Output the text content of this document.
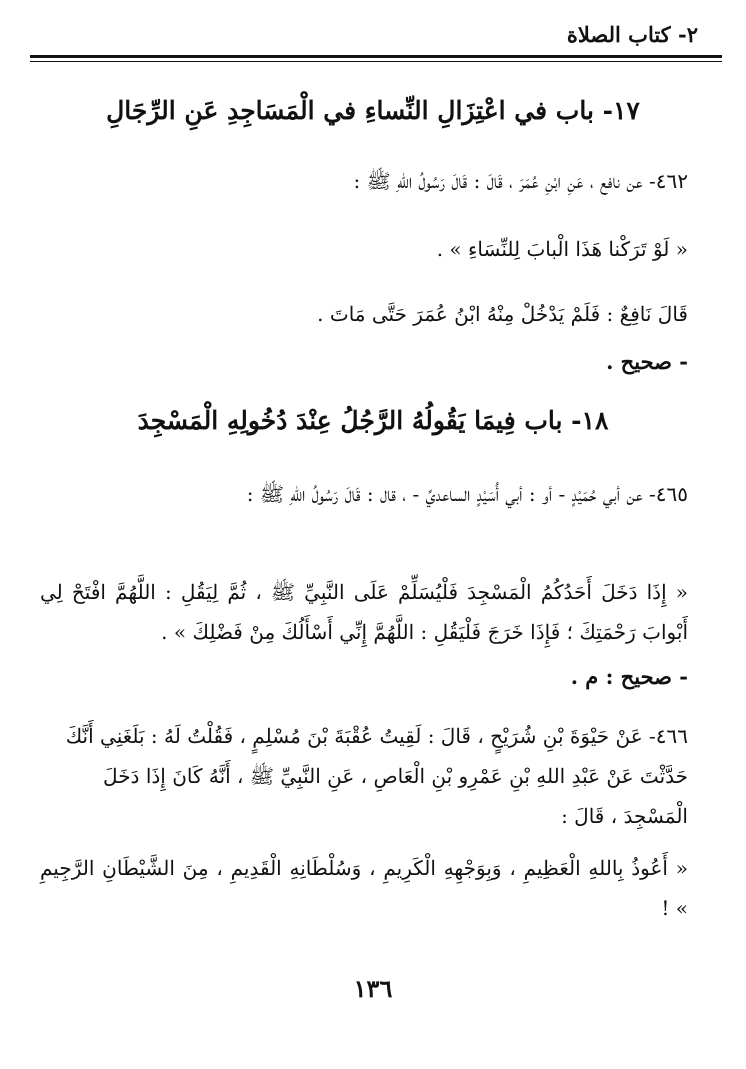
٢- كتاب الصلاة
١٧- باب في اعْتِزَالِ النِّساءِ في الْمَسَاجِدِ عَنِ الرِّجَالِ
٤٦٢- عن نافع ، عَنِ ابْنِ عُمَرَ ، قَالَ : قَالَ رَسُولُ اللهِ ﷺ :
« لَوْ تَرَكْنا هَذَا الْبابَ لِلنِّسَاءِ » .
قَالَ نَافِعٌ : فَلَمْ يَدْخُلْ مِنْهُ ابْنُ عُمَرَ حَتَّى مَاتَ .
- صحيح .
١٨- باب فِيمَا يَقُولُهُ الرَّجُلُ عِنْدَ دُخُولِهِ الْمَسْجِدَ
٤٦٥- عن أبي حُمَيْدٍ - أو : أبي أُسَيْدٍ الساعديِّ - ، قال : قَالَ رَسُولُ اللهِ ﷺ :
« إِذَا دَخَلَ أَحَدُكُمُ الْمَسْجِدَ فَلْيُسَلِّمْ عَلَى النَّبِيِّ ﷺ ، ثُمَّ لِيَقُلِ : اللَّهُمَّ افْتَحْ لِي أَبْوابَ رَحْمَتِكَ ؛ فَإِذَا خَرَجَ فَلْيَقُلِ : اللَّهُمَّ إِنِّي أَسْأَلُكَ مِنْ فَضْلِكَ » .
- صحيح : م .
٤٦٦- عَنْ حَيْوَةَ بْنِ شُرَيْحٍ ، قَالَ : لَقِيتُ عُقْبَةَ بْنَ مُسْلِمٍ ، فَقُلْتُ لَهُ : بَلَغَنِي أَنَّكَ حَدَّثْتَ عَنْ عَبْدِ اللهِ بْنِ عَمْرِو بْنِ الْعَاصِ ، عَنِ النَّبِيِّ ﷺ ، أَنَّهُ كَانَ إِذَا دَخَلَ الْمَسْجِدَ ، قَالَ :
« أَعُوذُ بِاللهِ الْعَظِيمِ ، وَبِوَجْهِهِ الْكَرِيمِ ، وَسُلْطَانِهِ الْقَدِيمِ ، مِنَ الشَّيْطَانِ الرَّجِيمِ » !
١٣٦
